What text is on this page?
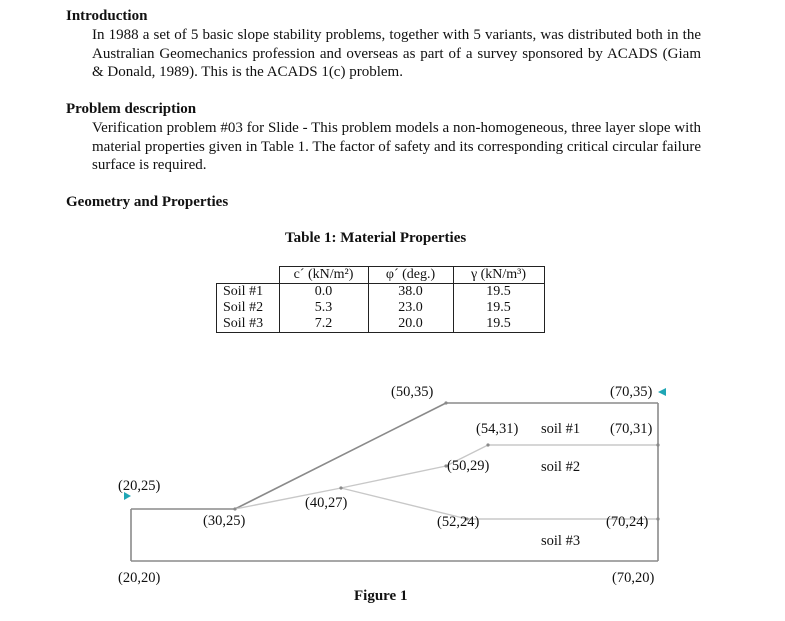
Introduction

In 1988 a set of 5 basic slope stability problems, together with 5 variants, was distributed both in the Australian Geomechanics profession and overseas as part of a survey sponsored by ACADS (Giam & Donald, 1989). This is the ACADS 1(c) problem.

Problem description

Verification problem #03 for Slide - This problem models a non-homogeneous, three layer slope with material properties given in Table 1. The factor of safety and its corresponding critical circular failure surface is required.

Geometry and Properties
Table 1: Material Properties
	c´ (kN/m²)	φ´ (deg.)	γ (kN/m³)
Soil #1	0.0	38.0	19.5
Soil #2	5.3	23.0	19.5
Soil #3	7.2	20.0	19.5
(20,25)
(30,25)
(40,27)
(50,35)
(54,31)
(50,29)
(52,24)
(70,35)
(70,31)
(70,24)
(20,20)	(70,20)
soil #1
soil #2
soil #3
Figure 1
